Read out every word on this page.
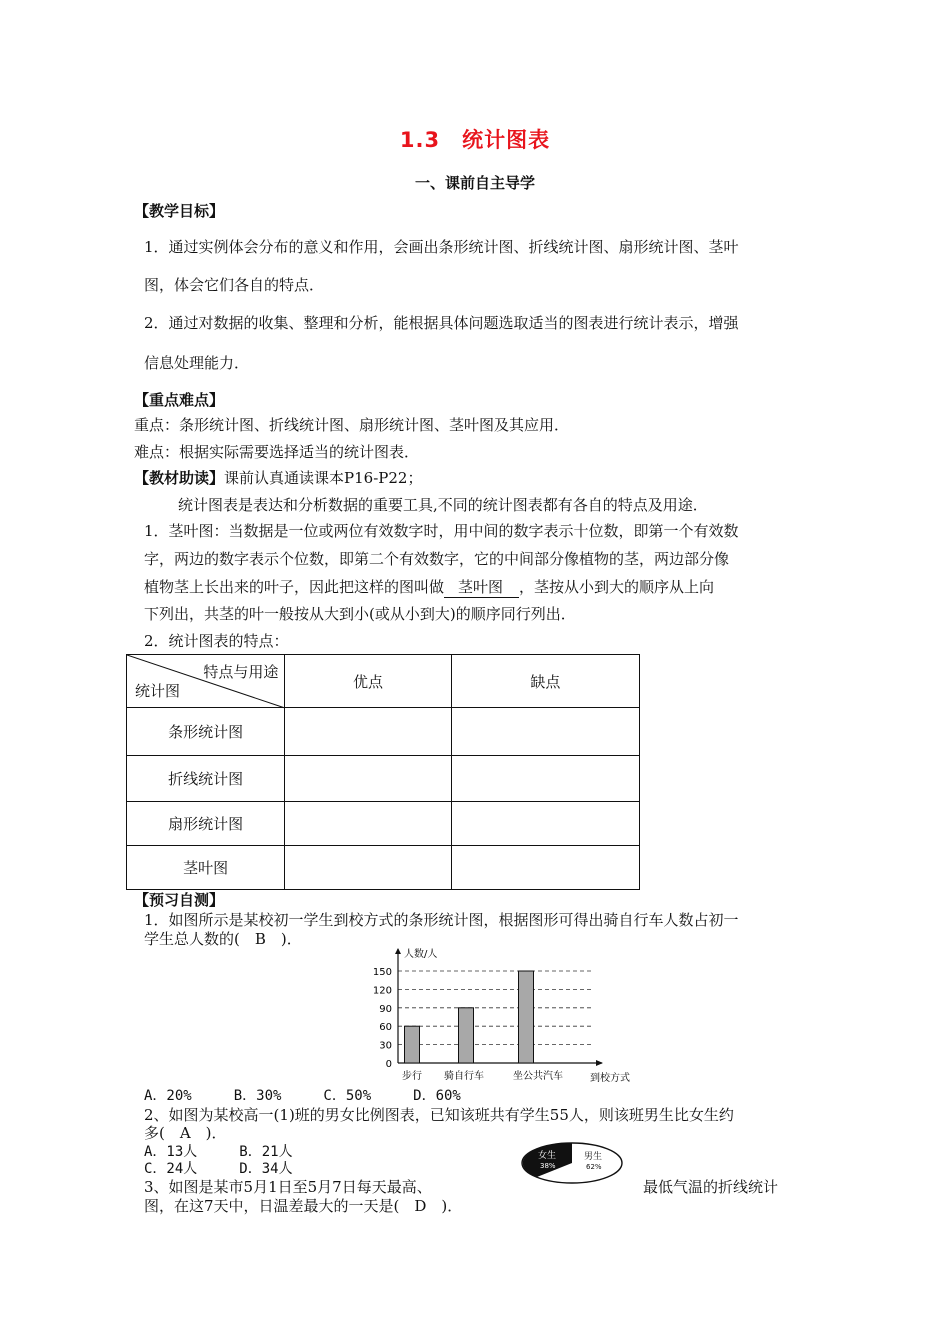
1.3　统计图表
一、课前自主导学
【教学目标】
1．通过实例体会分布的意义和作用，会画出条形统计图、折线统计图、扇形统计图、茎叶
图，体会它们各自的特点．
2．通过对数据的收集、整理和分析，能根据具体问题选取适当的图表进行统计表示，增强
信息处理能力．
【重点难点】
重点：条形统计图、折线统计图、扇形统计图、茎叶图及其应用．
难点：根据实际需要选择适当的统计图表．
【教材助读】课前认真通读课本P16-P22；
统计图表是表达和分析数据的重要工具,不同的统计图表都有各自的特点及用途．
1．茎叶图：当数据是一位或两位有效数字时，用中间的数字表示十位数，即第一个有效数
字，两边的数字表示个位数，即第二个有效数字，它的中间部分像植物的茎，两边部分像
植物茎上长出来的叶子，因此把这样的图叫做 茎叶图 ，茎按从小到大的顺序从上向
下列出，共茎的叶一般按从大到小(或从小到大)的顺序同行列出．
2．统计图表的特点：
特点与用途
统计图	优点	缺点
条形统计图		
折线统计图		
扇形统计图		
茎叶图		
【预习自测】
1．如图所示是某校初一学生到校方式的条形统计图，根据图形可得出骑自行车人数占初一
学生总人数的(　B　)．
0
30
60
90
120
150
人数/人
到校方式
步行 骑自行车	坐公共汽车
A．20%　　　B．30%　　　C．50%　　　D．60%
2、如图为某校高一(1)班的男女比例图表，已知该班共有学生55人，则该班男生比女生约
多(　A　)．
A．13人　　　B．21人
C．24人　　　D．34人
女生
38%
男生
62%
3、如图是某市5月1日至5月7日每天最高、	最低气温的折线统计
图，在这7天中，日温差最大的一天是(　D　)．
